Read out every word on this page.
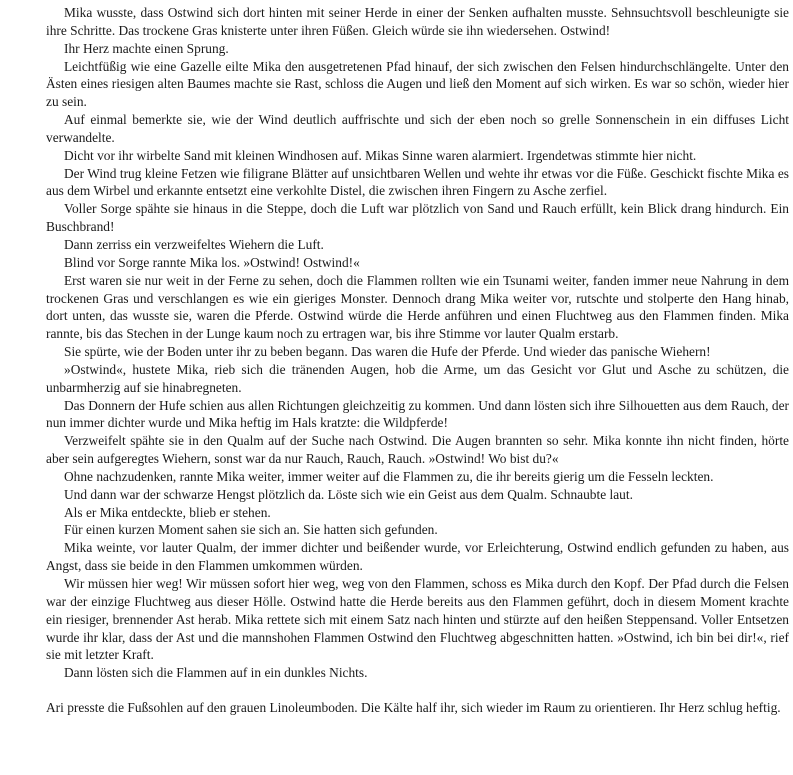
Mika wusste, dass Ostwind sich dort hinten mit seiner Herde in einer der Senken aufhalten musste. Sehnsuchtsvoll beschleunigte sie ihre Schritte. Das trockene Gras knisterte unter ihren Füßen. Gleich würde sie ihn wiedersehen. Ostwind!

Ihr Herz machte einen Sprung.

Leichtfüßig wie eine Gazelle eilte Mika den ausgetretenen Pfad hinauf, der sich zwischen den Felsen hindurchschlängelte. Unter den Ästen eines riesigen alten Baumes machte sie Rast, schloss die Augen und ließ den Moment auf sich wirken. Es war so schön, wieder hier zu sein.

Auf einmal bemerkte sie, wie der Wind deutlich auffrischte und sich der eben noch so grelle Sonnenschein in ein diffuses Licht verwandelte.

Dicht vor ihr wirbelte Sand mit kleinen Windhosen auf. Mikas Sinne waren alarmiert. Irgendetwas stimmte hier nicht.

Der Wind trug kleine Fetzen wie filigrane Blätter auf unsichtbaren Wellen und wehte ihr etwas vor die Füße. Geschickt fischte Mika es aus dem Wirbel und erkannte entsetzt eine verkohlte Distel, die zwischen ihren Fingern zu Asche zerfiel.

Voller Sorge spähte sie hinaus in die Steppe, doch die Luft war plötzlich von Sand und Rauch erfüllt, kein Blick drang hindurch. Ein Buschbrand!

Dann zerriss ein verzweifeltes Wiehern die Luft.

Blind vor Sorge rannte Mika los. »Ostwind! Ostwind!«

Erst waren sie nur weit in der Ferne zu sehen, doch die Flammen rollten wie ein Tsunami weiter, fanden immer neue Nahrung in dem trockenen Gras und verschlangen es wie ein gieriges Monster. Dennoch drang Mika weiter vor, rutschte und stolperte den Hang hinab, dort unten, das wusste sie, waren die Pferde. Ostwind würde die Herde anführen und einen Fluchtweg aus den Flammen finden. Mika rannte, bis das Stechen in der Lunge kaum noch zu ertragen war, bis ihre Stimme vor lauter Qualm erstarb.

Sie spürte, wie der Boden unter ihr zu beben begann. Das waren die Hufe der Pferde. Und wieder das panische Wiehern!

»Ostwind«, hustete Mika, rieb sich die tränenden Augen, hob die Arme, um das Gesicht vor Glut und Asche zu schützen, die unbarmherzig auf sie hinabregneten.

Das Donnern der Hufe schien aus allen Richtungen gleichzeitig zu kommen. Und dann lösten sich ihre Silhouetten aus dem Rauch, der nun immer dichter wurde und Mika heftig im Hals kratzte: die Wildpferde!

Verzweifelt spähte sie in den Qualm auf der Suche nach Ostwind. Die Augen brannten so sehr. Mika konnte ihn nicht finden, hörte aber sein aufgeregtes Wiehern, sonst war da nur Rauch, Rauch, Rauch. »Ostwind! Wo bist du?«

Ohne nachzudenken, rannte Mika weiter, immer weiter auf die Flammen zu, die ihr bereits gierig um die Fesseln leckten.

Und dann war der schwarze Hengst plötzlich da. Löste sich wie ein Geist aus dem Qualm. Schnaubte laut.

Als er Mika entdeckte, blieb er stehen.

Für einen kurzen Moment sahen sie sich an. Sie hatten sich gefunden.

Mika weinte, vor lauter Qualm, der immer dichter und beißender wurde, vor Erleichterung, Ostwind endlich gefunden zu haben, aus Angst, dass sie beide in den Flammen umkommen würden.

Wir müssen hier weg! Wir müssen sofort hier weg, weg von den Flammen, schoss es Mika durch den Kopf. Der Pfad durch die Felsen war der einzige Fluchtweg aus dieser Hölle. Ostwind hatte die Herde bereits aus den Flammen geführt, doch in diesem Moment krachte ein riesiger, brennender Ast herab. Mika rettete sich mit einem Satz nach hinten und stürzte auf den heißen Steppensand. Voller Entsetzen wurde ihr klar, dass der Ast und die mannshohen Flammen Ostwind den Fluchtweg abgeschnitten hatten. »Ostwind, ich bin bei dir!«, rief sie mit letzter Kraft.

Dann lösten sich die Flammen auf in ein dunkles Nichts.

Ari presste die Fußsohlen auf den grauen Linoleumboden. Die Kälte half ihr, sich wieder im Raum zu orientieren. Ihr Herz schlug heftig.
